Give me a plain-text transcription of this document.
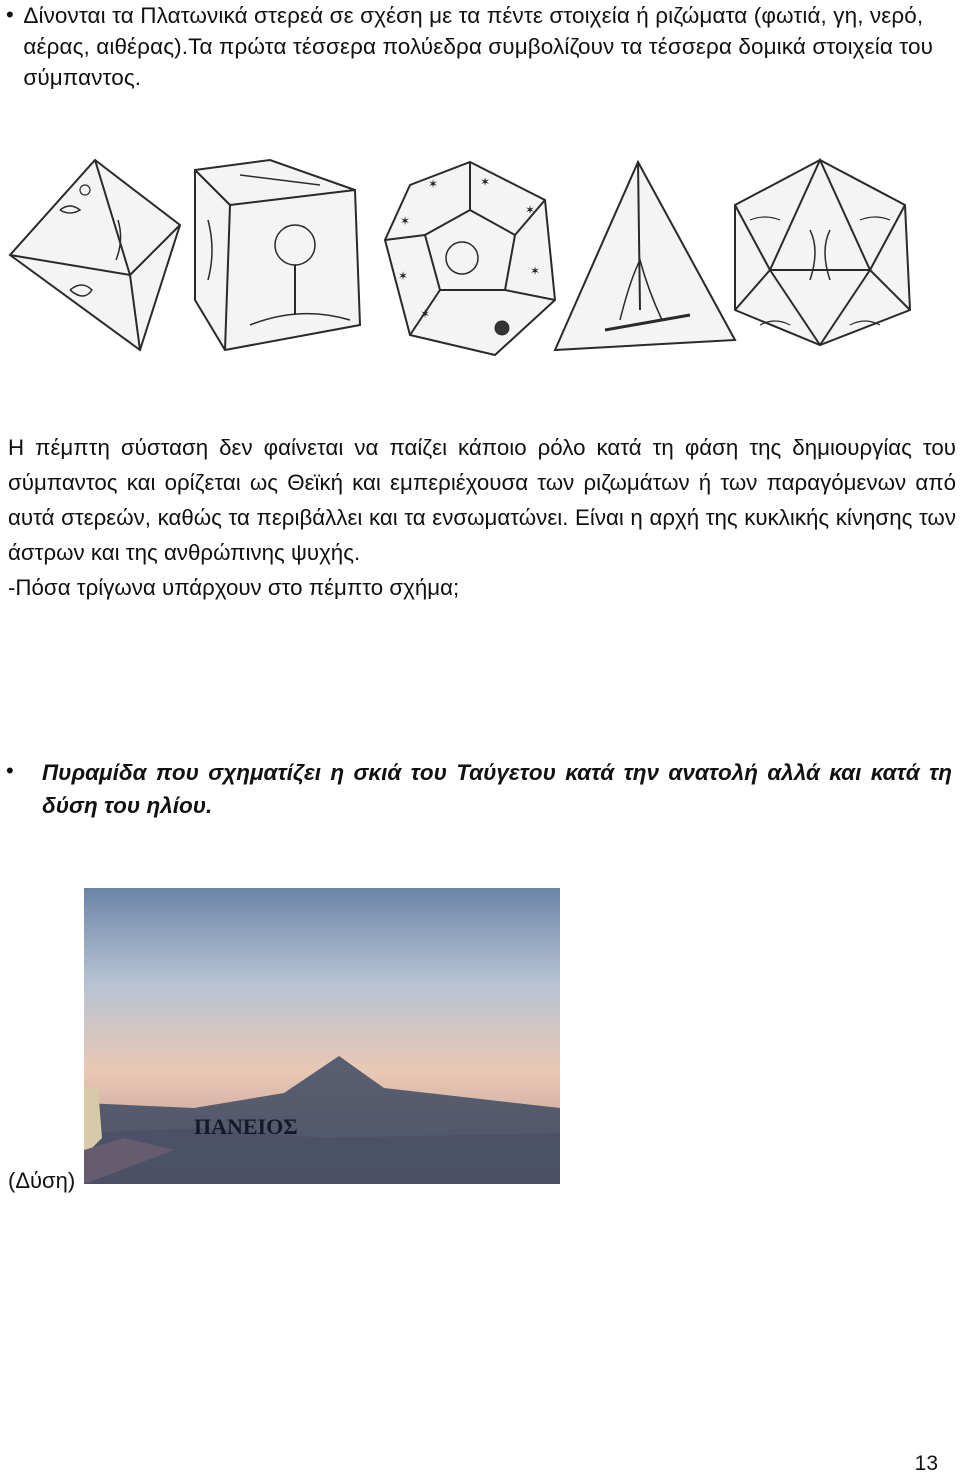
• Δίνονται τα Πλατωνικά στερεά σε σχέση με τα πέντε στοιχεία ή ριζώματα (φωτιά, γη, νερό, αέρας, αιθέρας).Τα πρώτα τέσσερα πολύεδρα συμβολίζουν τα τέσσερα δομικά στοιχεία του σύμπαντος.
✶	✶
✶
✶
✶
✶
✶

Η πέμπτη σύσταση δεν φαίνεται να παίζει κάποιο ρόλο κατά τη φάση της δημιουργίας του σύμπαντος και ορίζεται ως Θεϊκή και εμπεριέχουσα των ριζωμάτων ή των παραγόμενων από αυτά στερεών, καθώς τα περιβάλλει και τα ενσωματώνει. Είναι η αρχή της κυκλικής κίνησης των άστρων και της ανθρώπινης ψυχής.

-Πόσα τρίγωνα υπάρχουν στο πέμπτο σχήμα;

•	Πυραμίδα που σχηματίζει η σκιά του Ταύγετου κατά την ανατολή αλλά και κατά τη δύση του ηλίου.
ΠΑΝΕΙΟΣ
(Δύση)
13
